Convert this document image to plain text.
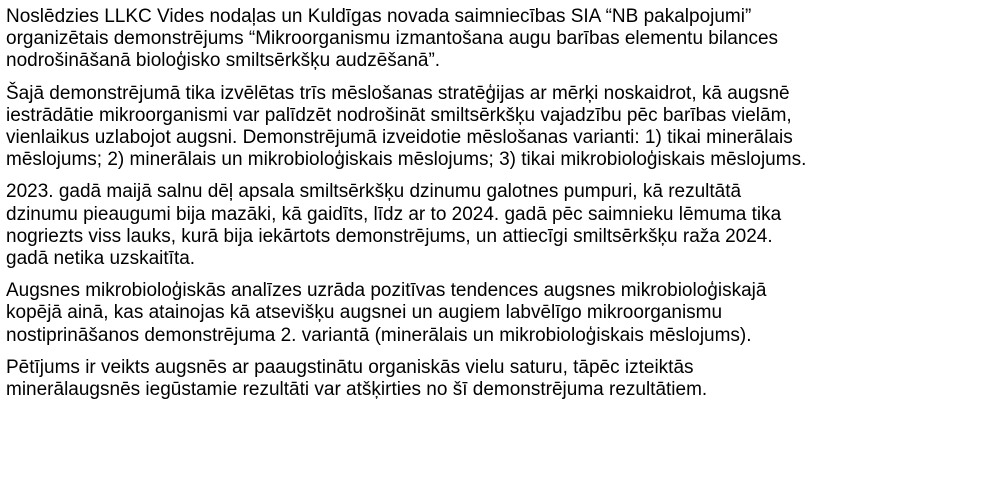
Noslēdzies LLKC Vides nodaļas un Kuldīgas novada saimniecības SIA “NB pakalpojumi”
organizētais demonstrējums “Mikroorganismu izmantošana augu barības elementu bilances
nodrošināšanā bioloģisko smiltsērkšķu audzēšanā”.

Šajā demonstrējumā tika izvēlētas trīs mēslošanas stratēģijas ar mērķi noskaidrot, kā augsnē
iestrādātie mikroorganismi var palīdzēt nodrošināt smiltsērkšķu vajadzību pēc barības vielām,
vienlaikus uzlabojot augsni. Demonstrējumā izveidotie mēslošanas varianti: 1) tikai minerālais
mēslojums; 2) minerālais un mikrobioloģiskais mēslojums; 3) tikai mikrobioloģiskais mēslojums.

2023. gadā maijā salnu dēļ apsala smiltsērkšķu dzinumu galotnes pumpuri, kā rezultātā
dzinumu pieaugumi bija mazāki, kā gaidīts, līdz ar to 2024. gadā pēc saimnieku lēmuma tika
nogriezts viss lauks, kurā bija iekārtots demonstrējums, un attiecīgi smiltsērkšķu raža 2024.
gadā netika uzskaitīta.

Augsnes mikrobioloģiskās analīzes uzrāda pozitīvas tendences augsnes mikrobioloģiskajā
kopējā ainā, kas atainojas kā atsevišķu augsnei un augiem labvēlīgo mikroorganismu
nostiprināšanos demonstrējuma 2. variantā (minerālais un mikrobioloģiskais mēslojums).

Pētījums ir veikts augsnēs ar paaugstinātu organiskās vielu saturu, tāpēc izteiktās
minerālaugsnēs iegūstamie rezultāti var atšķirties no šī demonstrējuma rezultātiem.
